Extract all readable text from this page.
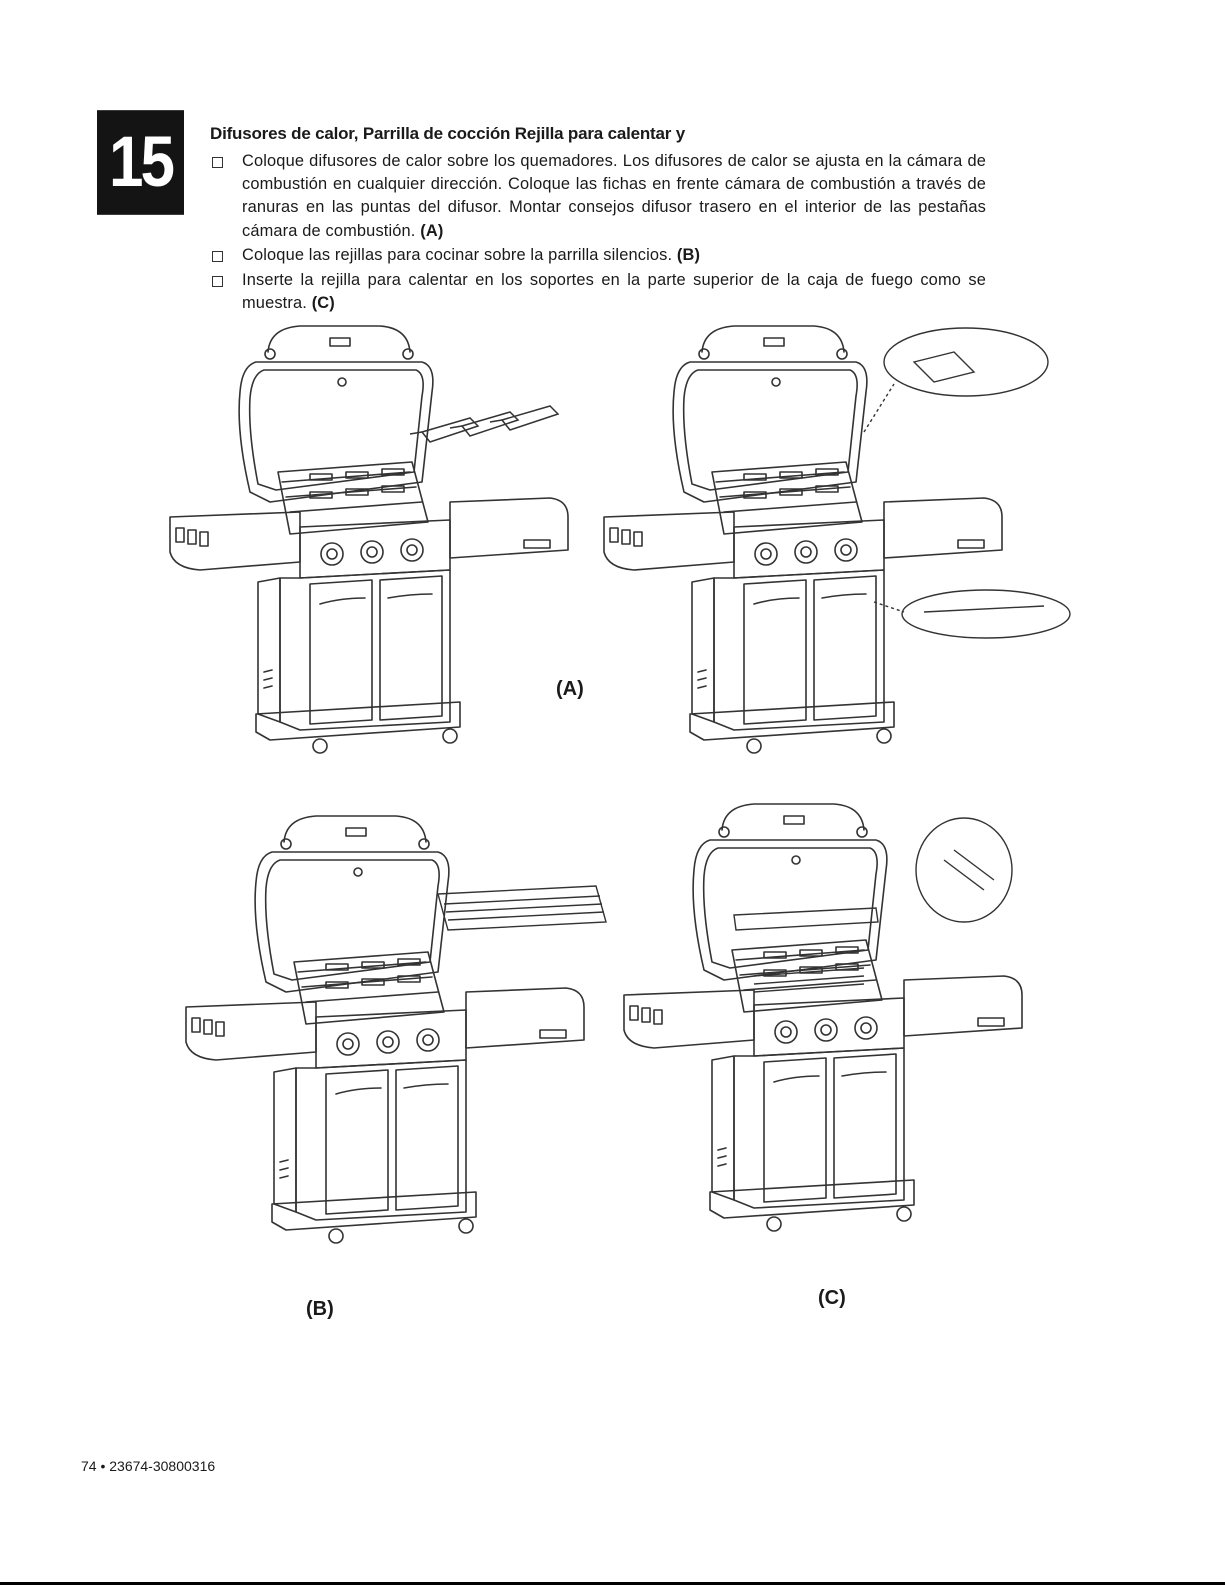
15	Difusores de calor, Parrilla de cocción Rejilla para calentar y
Coloque difusores de calor sobre los quemadores. Los difusores de calor se ajusta en la cámara de combustión en cualquier dirección. Coloque las fichas en frente cámara de combustión a través de ranuras en las puntas del difusor. Montar consejos difusor trasero en el interior de las pestañas cámara de combustión. (A)
Coloque las rejillas para cocinar sobre la parrilla silencios. (B)
Inserte la rejilla para calentar en los soportes en la parte superior de la caja de fuego como se muestra. (C)
(A)
(B)	(C)
74 • 23674-30800316
